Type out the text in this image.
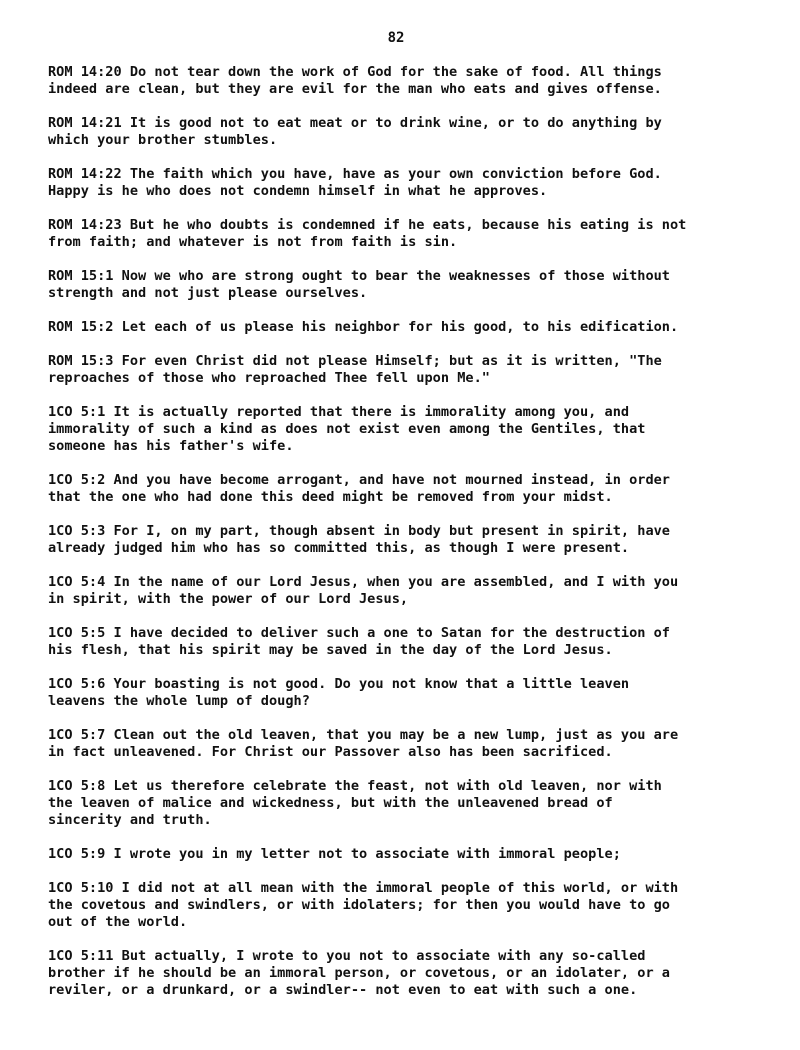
82

ROM 14:20 Do not tear down the work of God for the sake of food. All things
indeed are clean, but they are evil for the man who eats and gives offense.

ROM 14:21 It is good not to eat meat or to drink wine, or to do anything by
which your brother stumbles.

ROM 14:22 The faith which you have, have as your own conviction before God.
Happy is he who does not condemn himself in what he approves.

ROM 14:23 But he who doubts is condemned if he eats, because his eating is not
from faith; and whatever is not from faith is sin.

ROM 15:1 Now we who are strong ought to bear the weaknesses of those without
strength and not just please ourselves.

ROM 15:2 Let each of us please his neighbor for his good, to his edification.

ROM 15:3 For even Christ did not please Himself; but as it is written, "The
reproaches of those who reproached Thee fell upon Me."

1CO 5:1 It is actually reported that there is immorality among you, and
immorality of such a kind as does not exist even among the Gentiles, that
someone has his father's wife.

1CO 5:2 And you have become arrogant, and have not mourned instead, in order
that the one who had done this deed might be removed from your midst.

1CO 5:3 For I, on my part, though absent in body but present in spirit, have
already judged him who has so committed this, as though I were present.

1CO 5:4 In the name of our Lord Jesus, when you are assembled, and I with you
in spirit, with the power of our Lord Jesus,

1CO 5:5 I have decided to deliver such a one to Satan for the destruction of
his flesh, that his spirit may be saved in the day of the Lord Jesus.

1CO 5:6 Your boasting is not good. Do you not know that a little leaven
leavens the whole lump of dough?

1CO 5:7 Clean out the old leaven, that you may be a new lump, just as you are
in fact unleavened. For Christ our Passover also has been sacrificed.

1CO 5:8 Let us therefore celebrate the feast, not with old leaven, nor with
the leaven of malice and wickedness, but with the unleavened bread of
sincerity and truth.

1CO 5:9 I wrote you in my letter not to associate with immoral people;

1CO 5:10 I did not at all mean with the immoral people of this world, or with
the covetous and swindlers, or with idolaters; for then you would have to go
out of the world.

1CO 5:11 But actually, I wrote to you not to associate with any so-called
brother if he should be an immoral person, or covetous, or an idolater, or a
reviler, or a drunkard, or a swindler-- not even to eat with such a one.
